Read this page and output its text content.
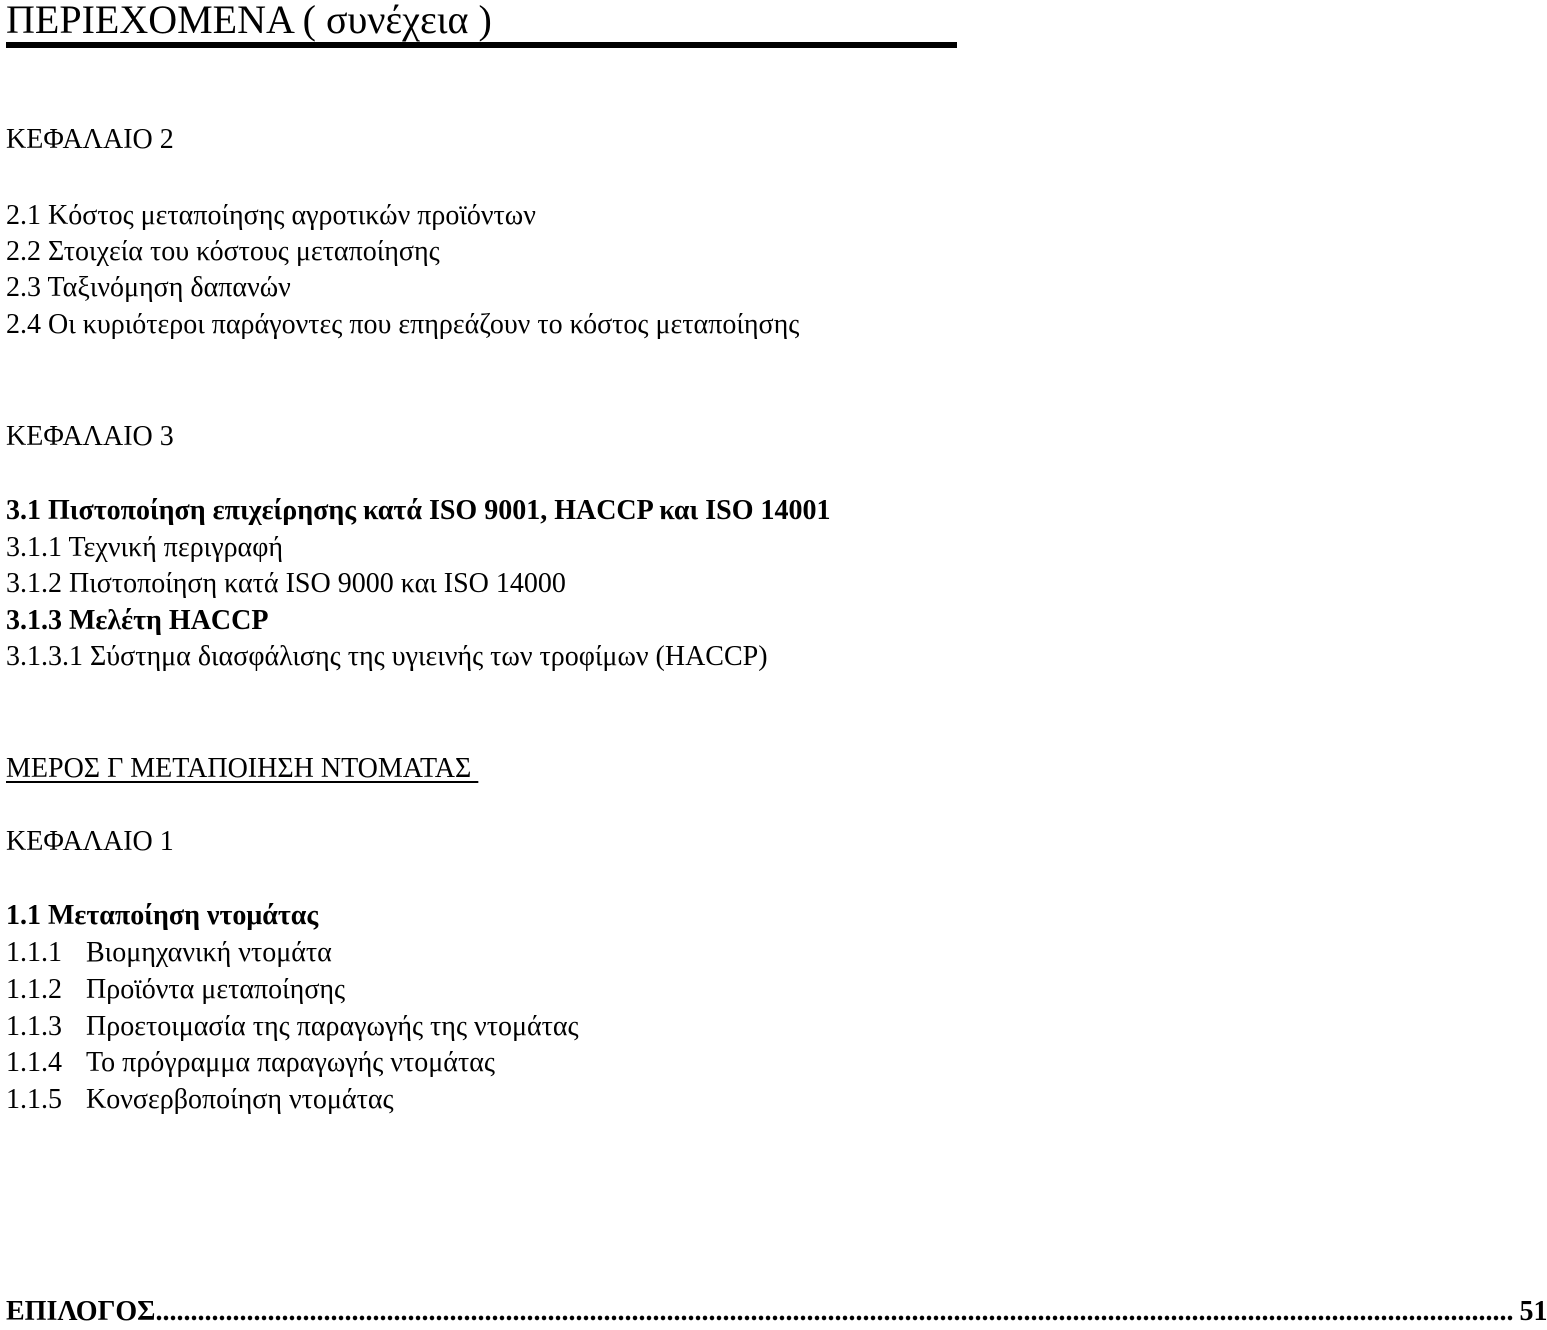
ΠΕΡΙΕΧΟΜΕΝΑ ( συνέχεια )
ΚΕΦΑΛΑΙΟ 2
2.1 Κόστος μεταποίησης αγροτικών προϊόντων
2.2 Στοιχεία του κόστους μεταποίησης
2.3 Ταξινόμηση δαπανών
2.4 Οι κυριότεροι παράγοντες που επηρεάζουν το κόστος μεταποίησης
ΚΕΦΑΛΑΙΟ 3
3.1 Πιστοποίηση επιχείρησης κατά ISO 9001, HACCP και ISO 14001
3.1.1 Τεχνική περιγραφή
3.1.2 Πιστοποίηση κατά ISO 9000 και ISO 14000
3.1.3 Μελέτη HACCP
3.1.3.1 Σύστημα διασφάλισης της υγιεινής των τροφίμων (HACCP)
ΜΕΡΟΣ Γ ΜΕΤΑΠΟΙΗΣΗ ΝΤΟΜΑΤΑΣ
ΚΕΦΑΛΑΙΟ 1
1.1 Μεταποίηση ντομάτας
1.1.1 Βιομηχανική ντομάτα
1.1.2 Προϊόντα μεταποίησης
1.1.3 Προετοιμασία της παραγωγής της ντομάτας
1.1.4 Το πρόγραμμα παραγωγής ντομάτας
1.1.5 Κονσερβοποίηση ντομάτας
ΕΠΙΛΟΓΟΣ .................................................................................................................................................................................................. 51
